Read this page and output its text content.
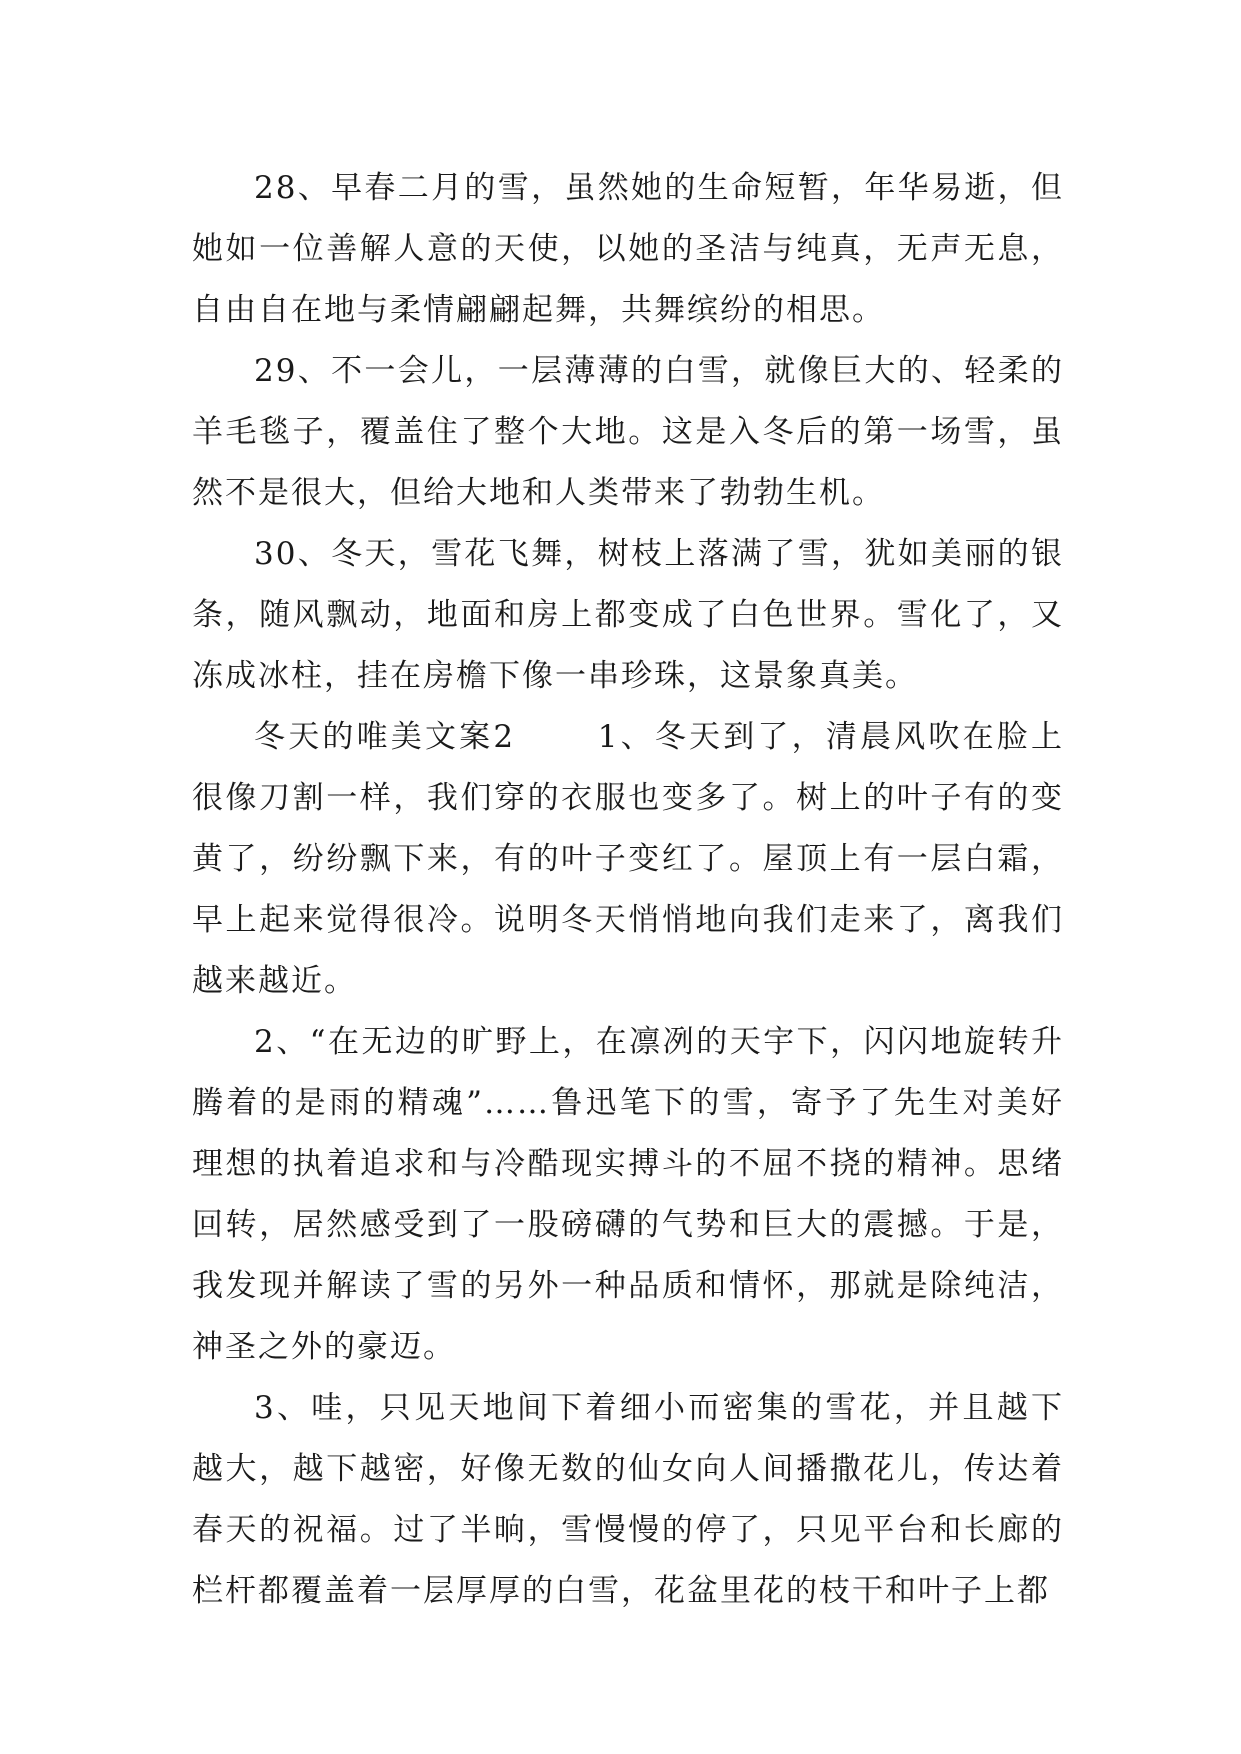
28、早春二月的雪，虽然她的生命短暂，年华易逝，但她如一位善解人意的天使，以她的圣洁与纯真，无声无息，自由自在地与柔情翩翩起舞，共舞缤纷的相思。

29、不一会儿，一层薄薄的白雪，就像巨大的、轻柔的羊毛毯子，覆盖住了整个大地。这是入冬后的第一场雪，虽然不是很大，但给大地和人类带来了勃勃生机。

30、冬天，雪花飞舞，树枝上落满了雪，犹如美丽的银条，随风飘动，地面和房上都变成了白色世界。雪化了，又冻成冰柱，挂在房檐下像一串珍珠，这景象真美。

冬天的唯美文案2　　 1、冬天到了，清晨风吹在脸上很像刀割一样，我们穿的衣服也变多了。树上的叶子有的变黄了，纷纷飘下来，有的叶子变红了。屋顶上有一层白霜，早上起来觉得很冷。说明冬天悄悄地向我们走来了，离我们越来越近。

2、“在无边的旷野上，在凛冽的天宇下，闪闪地旋转升腾着的是雨的精魂”……鲁迅笔下的雪，寄予了先生对美好理想的执着追求和与冷酷现实搏斗的不屈不挠的精神。思绪回转，居然感受到了一股磅礴的气势和巨大的震撼。于是，我发现并解读了雪的另外一种品质和情怀，那就是除纯洁，神圣之外的豪迈。

3、哇，只见天地间下着细小而密集的雪花，并且越下越大，越下越密，好像无数的仙女向人间播撒花儿，传达着春天的祝福。过了半晌，雪慢慢的停了，只见平台和长廊的栏杆都覆盖着一层厚厚的白雪，花盆里花的枝干和叶子上都
